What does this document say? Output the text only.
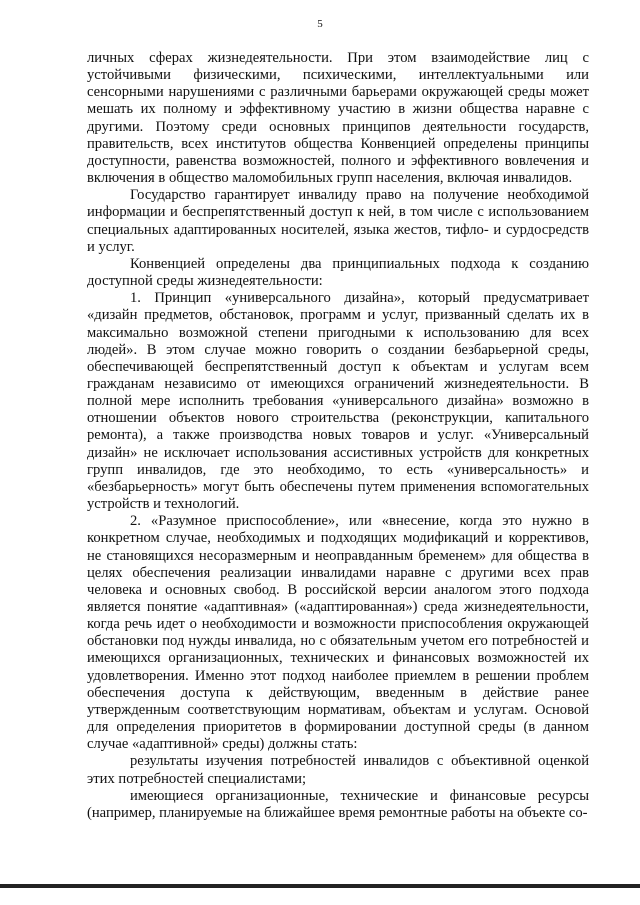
5

личных сферах жизнедеятельности. При этом взаимодействие лиц с устойчивыми физическими, психическими, интеллектуальными или сенсорными нарушениями с различными барьерами окружающей среды может мешать их полному и эффективному участию в жизни общества наравне с другими. Поэтому среди основных принципов деятельности государств, правительств, всех институтов общества Конвенцией определены принципы доступности, равенства возможностей, полного и эффективного вовлечения и включения в общество маломобильных групп населения, включая инвалидов.

Государство гарантирует инвалиду право на получение необходимой информации и беспрепятственный доступ к ней, в том числе с использованием специальных адаптированных носителей, языка жестов, тифло- и сурдосредств и услуг.

Конвенцией определены два принципиальных подхода к созданию доступной среды жизнедеятельности:

1. Принцип «универсального дизайна», который предусматривает «дизайн предметов, обстановок, программ и услуг, призванный сделать их в максимально возможной степени пригодными к использованию для всех людей». В этом случае можно говорить о создании безбарьерной среды, обеспечивающей беспрепятственный доступ к объектам и услугам всем гражданам независимо от имеющихся ограничений жизнедеятельности. В полной мере исполнить требования «универсального дизайна» возможно в отношении объектов нового строительства (реконструкции, капитального ремонта), а также производства новых товаров и услуг. «Универсальный дизайн» не исключает использования ассистивных устройств для конкретных групп инвалидов, где это необходимо, то есть «универсальность» и «безбарьерность» могут быть обеспечены путем применения вспомогательных устройств и технологий.

2. «Разумное приспособление», или «внесение, когда это нужно в конкретном случае, необходимых и подходящих модификаций и коррективов, не становящихся несоразмерным и неоправданным бременем» для общества в целях обеспечения реализации инвалидами наравне с другими всех прав человека и основных свобод. В российской версии аналогом этого подхода является понятие «адаптивная» («адаптированная») среда жизнедеятельности, когда речь идет о необходимости и возможности приспособления окружающей обстановки под нужды инвалида, но с обязательным учетом его потребностей и имеющихся организационных, технических и финансовых возможностей их удовлетворения. Именно этот подход наиболее приемлем в решении проблем обеспечения доступа к действующим, введенным в действие ранее утвержденным соответствующим нормативам, объектам и услугам. Основой для определения приоритетов в формировании доступной среды (в данном случае «адаптивной» среды) должны стать:

результаты изучения потребностей инвалидов с объективной оценкой этих потребностей специалистами;

имеющиеся организационные, технические и финансовые ресурсы (например, планируемые на ближайшее время ремонтные работы на объекте со-
